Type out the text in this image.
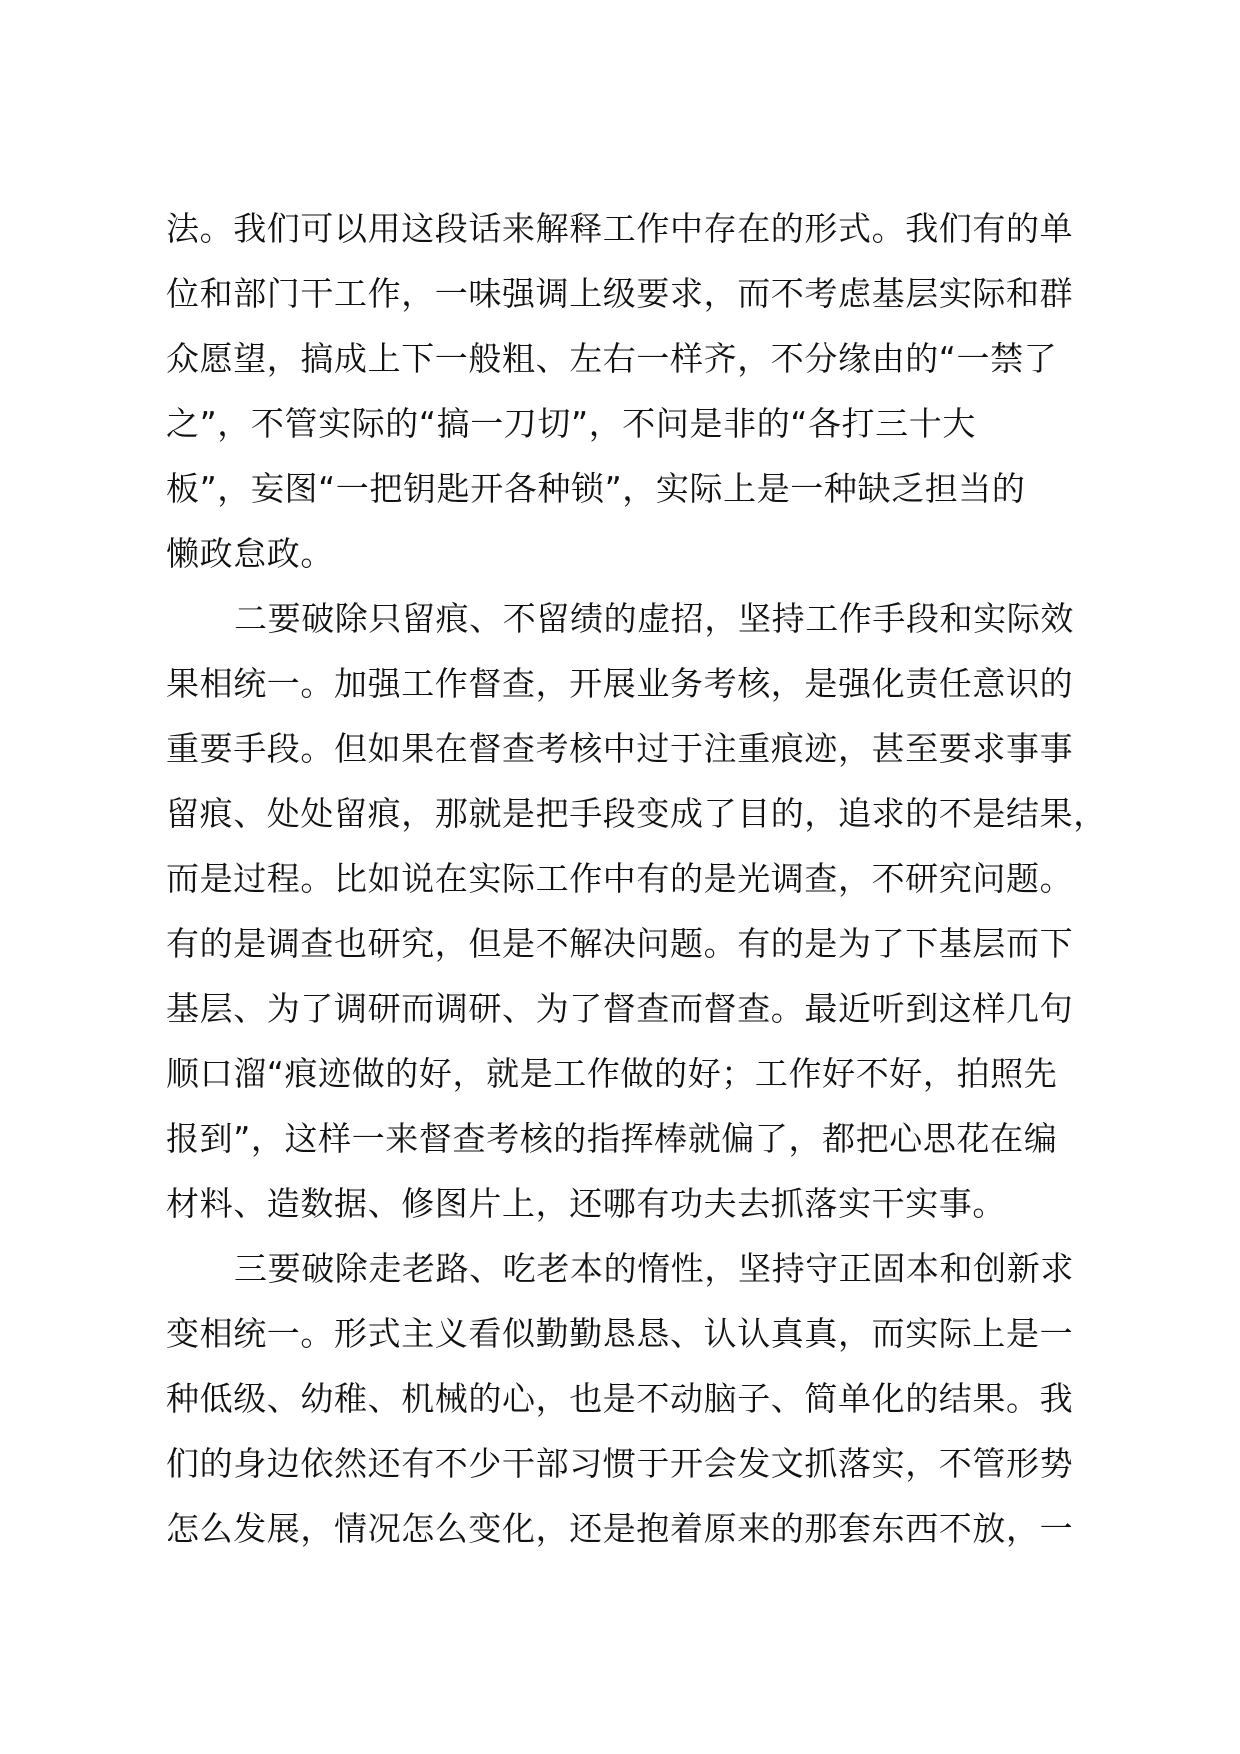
法。我们可以用这段话来解释工作中存在的形式。我们有的单
位和部门干工作，一味强调上级要求，而不考虑基层实际和群
众愿望，搞成上下一般粗、左右一样齐，不分缘由的“一禁了
之”，不管实际的“搞一刀切”，不问是非的“各打三十大
板”，妄图“一把钥匙开各种锁”，实际上是一种缺乏担当的
懒政怠政。
二要破除只留痕、不留绩的虚招，坚持工作手段和实际效
果相统一。加强工作督查，开展业务考核，是强化责任意识的
重要手段。但如果在督查考核中过于注重痕迹，甚至要求事事
留痕、处处留痕，那就是把手段变成了目的，追求的不是结果，
而是过程。比如说在实际工作中有的是光调查，不研究问题。
有的是调查也研究，但是不解决问题。有的是为了下基层而下
基层、为了调研而调研、为了督查而督查。最近听到这样几句
顺口溜“痕迹做的好，就是工作做的好；工作好不好，拍照先
报到”，这样一来督查考核的指挥棒就偏了，都把心思花在编
材料、造数据、修图片上，还哪有功夫去抓落实干实事。
三要破除走老路、吃老本的惰性，坚持守正固本和创新求
变相统一。形式主义看似勤勤恳恳、认认真真，而实际上是一
种低级、幼稚、机械的心，也是不动脑子、简单化的结果。我
们的身边依然还有不少干部习惯于开会发文抓落实，不管形势
怎么发展，情况怎么变化，还是抱着原来的那套东西不放，一
